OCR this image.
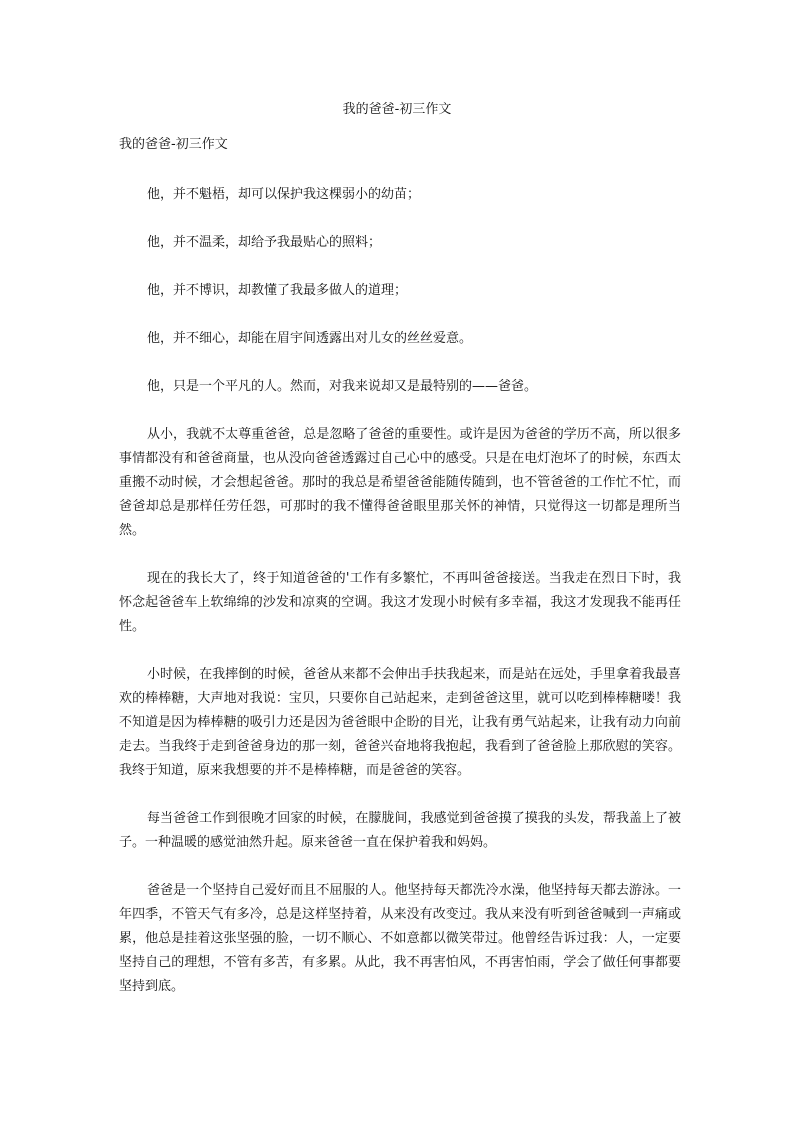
我的爸爸-初三作文
我的爸爸-初三作文

他，并不魁梧，却可以保护我这棵弱小的幼苗；

他，并不温柔，却给予我最贴心的照料；

他，并不博识，却教懂了我最多做人的道理；

他，并不细心，却能在眉宇间透露出对儿女的丝丝爱意。

他，只是一个平凡的人。然而，对我来说却又是最特别的——爸爸。

从小，我就不太尊重爸爸，总是忽略了爸爸的重要性。或许是因为爸爸的学历不高，所以很多事情都没有和爸爸商量，也从没向爸爸透露过自己心中的感受。只是在电灯泡坏了的时候，东西太重搬不动时候，才会想起爸爸。那时的我总是希望爸爸能随传随到，也不管爸爸的工作忙不忙，而爸爸却总是那样任劳任怨，可那时的我不懂得爸爸眼里那关怀的神情，只觉得这一切都是理所当然。

现在的我长大了，终于知道爸爸的'工作有多繁忙，不再叫爸爸接送。当我走在烈日下时，我怀念起爸爸车上软绵绵的沙发和凉爽的空调。我这才发现小时候有多幸福，我这才发现我不能再任性。

小时候，在我摔倒的时候，爸爸从来都不会伸出手扶我起来，而是站在远处，手里拿着我最喜欢的棒棒糖，大声地对我说：宝贝，只要你自己站起来，走到爸爸这里，就可以吃到棒棒糖喽！我不知道是因为棒棒糖的吸引力还是因为爸爸眼中企盼的目光，让我有勇气站起来，让我有动力向前走去。当我终于走到爸爸身边的那一刻，爸爸兴奋地将我抱起，我看到了爸爸脸上那欣慰的笑容。我终于知道，原来我想要的并不是棒棒糖，而是爸爸的笑容。

每当爸爸工作到很晚才回家的时候，在朦胧间，我感觉到爸爸摸了摸我的头发，帮我盖上了被子。一种温暖的感觉油然升起。原来爸爸一直在保护着我和妈妈。

爸爸是一个坚持自己爱好而且不屈服的人。他坚持每天都洗冷水澡，他坚持每天都去游泳。一年四季，不管天气有多冷，总是这样坚持着，从来没有改变过。我从来没有听到爸爸喊到一声痛或累，他总是挂着这张坚强的脸，一切不顺心、不如意都以微笑带过。他曾经告诉过我：人，一定要坚持自己的理想，不管有多苦，有多累。从此，我不再害怕风，不再害怕雨，学会了做任何事都要坚持到底。
